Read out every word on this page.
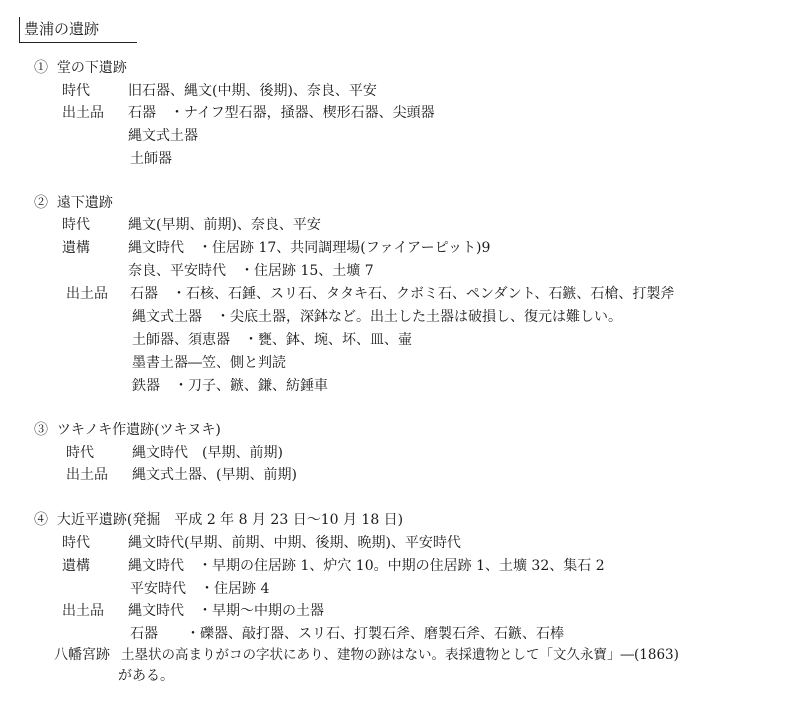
豊浦の遺跡
① 堂の下遺跡
時代	旧石器、縄文(中期、後期)、奈良、平安
出土品 石器　・ナイフ型石器，掻器、楔形石器、尖頭器
縄文式土器
土師器
② 遠下遺跡
時代	縄文(早期、前期)、奈良、平安
遺構	縄文時代　・住居跡 17、共同調理場(ファイアーピット)9
奈良、平安時代　・住居跡 15、土壙 7
出土品 石器　・石核、石錘、スリ石、タタキ石、クボミ石、ペンダント、石鏃、石槍、打製斧
縄文式土器　・尖底土器，深鉢など。出土した土器は破損し、復元は難しい。
土師器、須恵器　・甕、鉢、埦、坏、皿、壷
墨書土器―笠、側と判読
鉄器　・刀子、鏃、鎌、紡錘車
③ ツキノキ作遺跡(ツキヌキ)
時代	縄文時代　(早期、前期)
出土品 縄文式土器、(早期、前期)
④ 大近平遺跡(発掘　平成 2 年 8 月 23 日～10 月 18 日)
時代	縄文時代(早期、前期、中期、後期、晩期)、平安時代
遺構	縄文時代　・早期の住居跡 1、炉穴 10。中期の住居跡 1、土壙 32、集石 2
平安時代　・住居跡 4
出土品 縄文時代　・早期～中期の土器
石器　　・礫器、敲打器、スリ石、打製石斧、磨製石斧、石鏃、石棒
八幡宮跡 土塁状の高まりがコの字状にあり、建物の跡はない。表採遺物として「文久永寶」―(1863)
がある。
